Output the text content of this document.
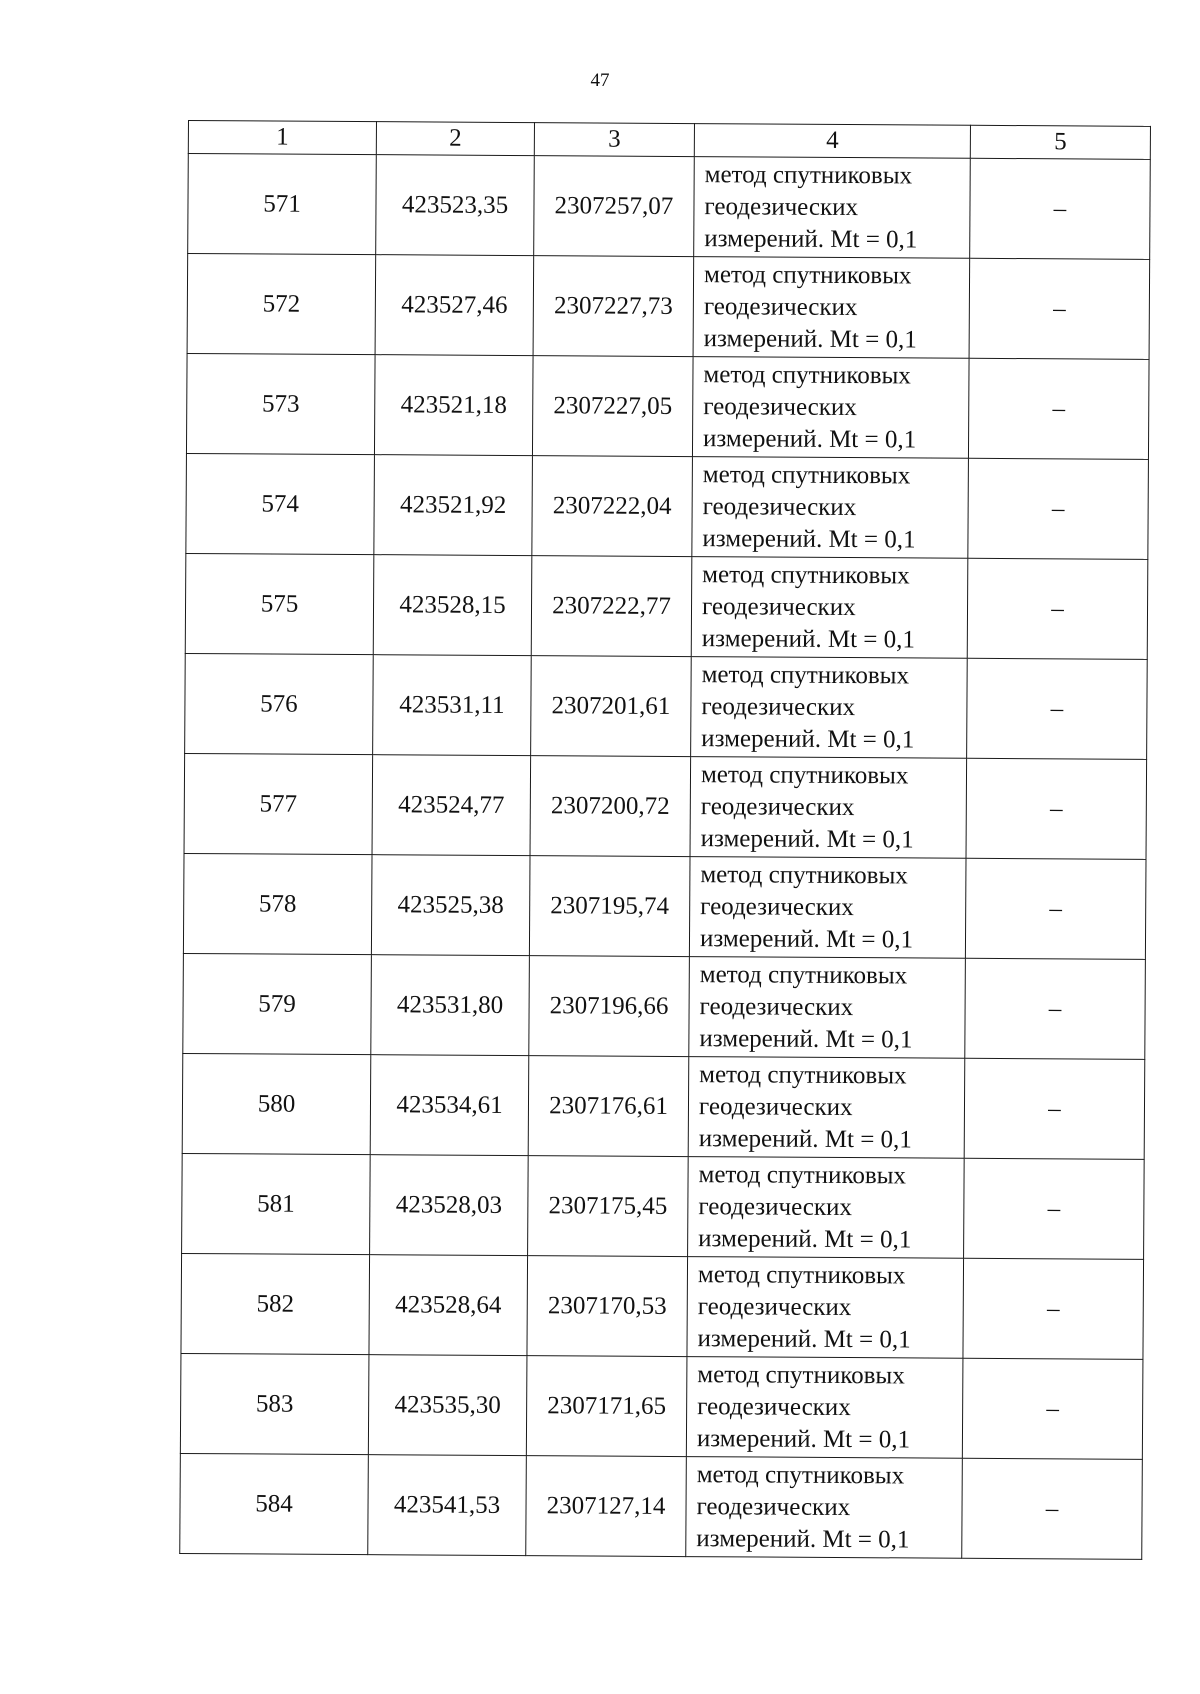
47
1	2	3	4	5
571	423523,35	2307257,07	метод спутниковых
геодезических
измерений. Mt = 0,1	–
572	423527,46	2307227,73	метод спутниковых
геодезических
измерений. Mt = 0,1	–
573	423521,18	2307227,05	метод спутниковых
геодезических
измерений. Mt = 0,1	–
574	423521,92	2307222,04	метод спутниковых
геодезических
измерений. Mt = 0,1	–
575	423528,15	2307222,77	метод спутниковых
геодезических
измерений. Mt = 0,1	–
576	423531,11	2307201,61	метод спутниковых
геодезических
измерений. Mt = 0,1	–
577	423524,77	2307200,72	метод спутниковых
геодезических
измерений. Mt = 0,1	–
578	423525,38	2307195,74	метод спутниковых
геодезических
измерений. Mt = 0,1	–
579	423531,80	2307196,66	метод спутниковых
геодезических
измерений. Mt = 0,1	–
580	423534,61	2307176,61	метод спутниковых
геодезических
измерений. Mt = 0,1	–
581	423528,03	2307175,45	метод спутниковых
геодезических
измерений. Mt = 0,1	–
582	423528,64	2307170,53	метод спутниковых
геодезических
измерений. Mt = 0,1	–
583	423535,30	2307171,65	метод спутниковых
геодезических
измерений. Mt = 0,1	–
584	423541,53	2307127,14	метод спутниковых
геодезических
измерений. Mt = 0,1	–
